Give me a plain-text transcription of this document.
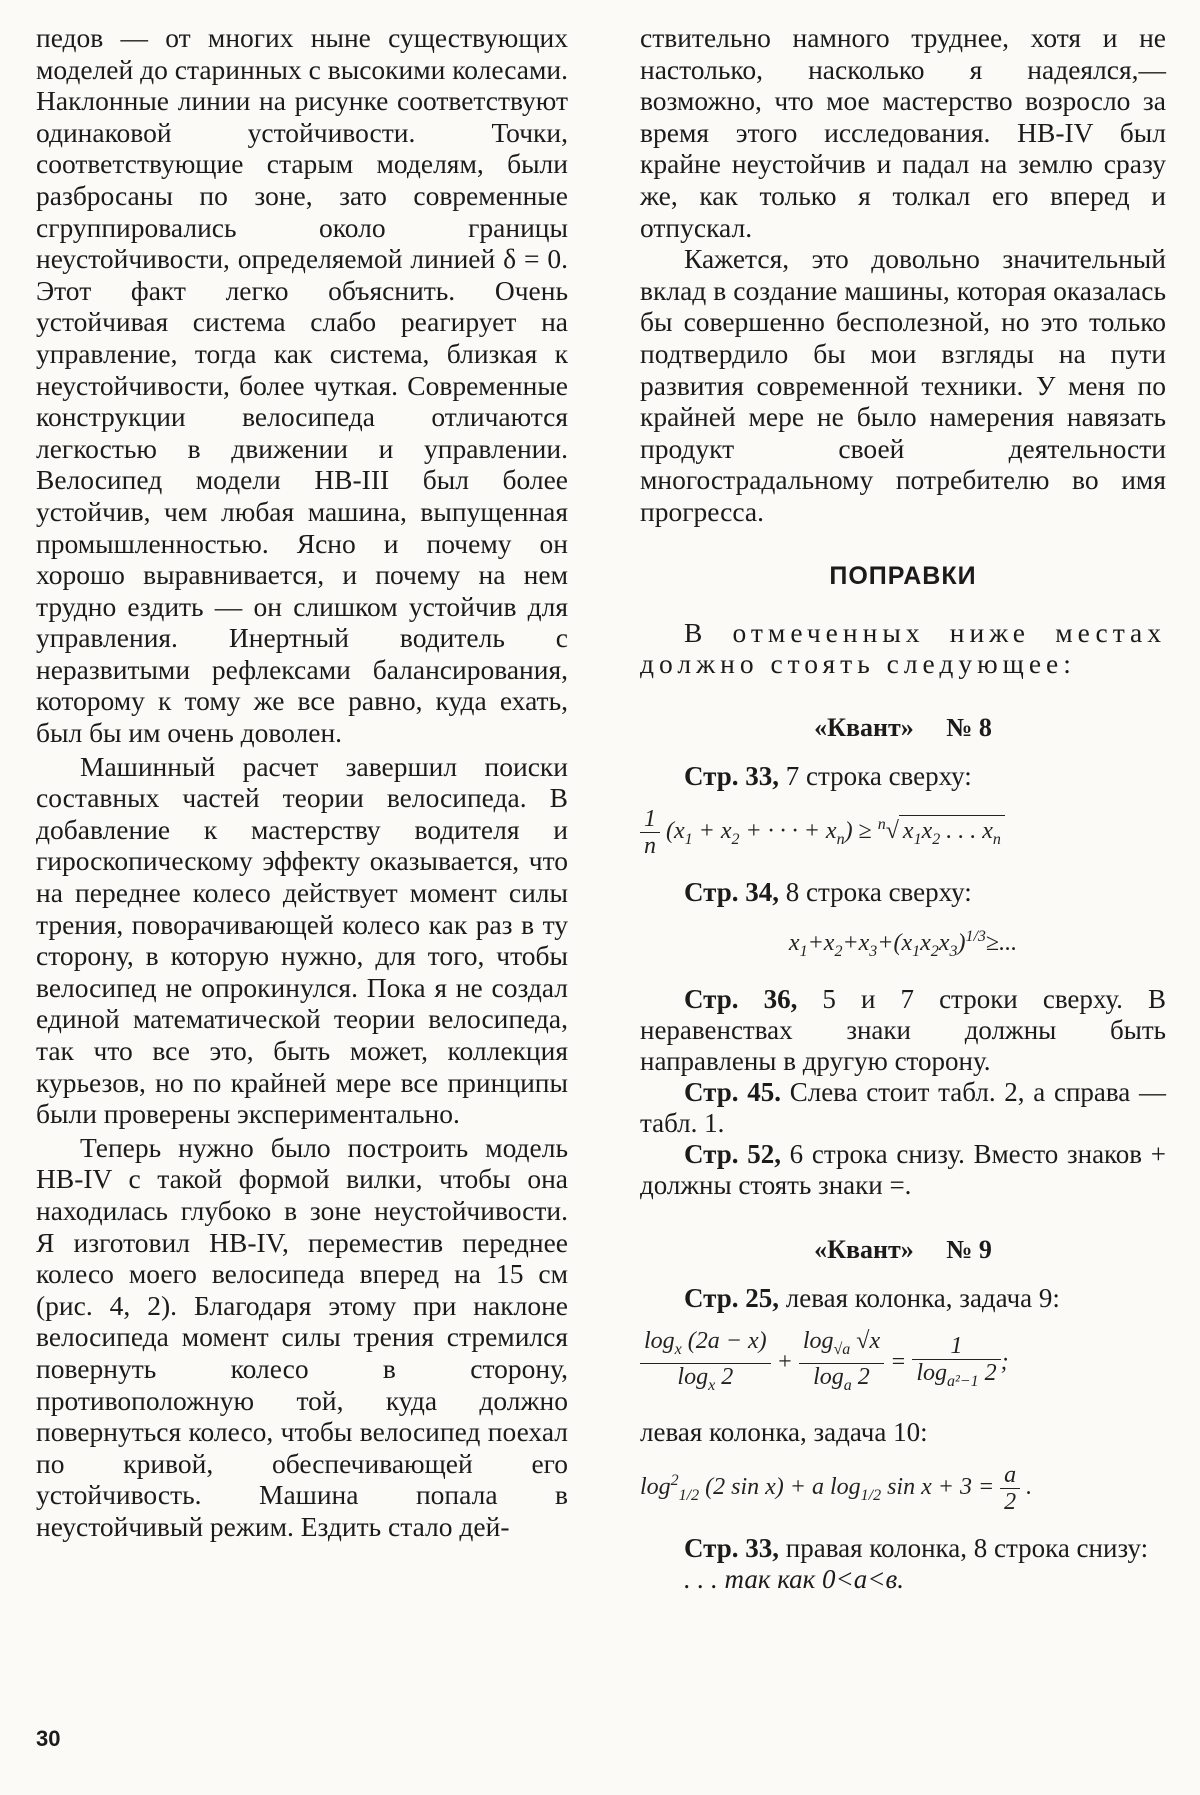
педов — от многих ныне существующих моделей до старинных с высокими колесами. Наклонные линии на рисунке соответствуют одинаковой устойчивости. Точки, соответствующие старым моделям, были разбросаны по зоне, зато современные сгруппировались около границы неустойчивости, определяемой линией δ = 0. Этот факт легко объяснить. Очень устойчивая система слабо реагирует на управление, тогда как система, близкая к неустойчивости, более чуткая. Современные конструкции велосипеда отличаются легкостью в движении и управлении. Велосипед модели НВ-III был более устойчив, чем любая машина, выпущенная промышленностью. Ясно и почему он хорошо выравнивается, и почему на нем трудно ездить — он слишком устойчив для управления. Инертный водитель с неразвитыми рефлексами балансирования, которому к тому же все равно, куда ехать, был бы им очень доволен.

Машинный расчет завершил поиски составных частей теории велосипеда. В добавление к мастерству водителя и гироскопическому эффекту оказывается, что на переднее колесо действует момент силы трения, поворачивающей колесо как раз в ту сторону, в которую нужно, для того, чтобы велосипед не опрокинулся. Пока я не создал единой математической теории велосипеда, так что все это, быть может, коллекция курьезов, но по крайней мере все принципы были проверены экспериментально.

Теперь нужно было построить модель НВ-IV с такой формой вилки, чтобы она находилась глубоко в зоне неустойчивости. Я изготовил НВ-IV, переместив переднее колесо моего велосипеда вперед на 15 см (рис. 4, 2). Благодаря этому при наклоне велосипеда момент силы трения стремился повернуть колесо в сторону, противоположную той, куда должно повернуться колесо, чтобы велосипед поехал по кривой, обеспечивающей его устойчивость. Машина попала в неустойчивый режим. Ездить стало дей-

ствительно намного труднее, хотя и не настолько, насколько я надеялся,— возможно, что мое мастерство возросло за время этого исследования. НВ-IV был крайне неустойчив и падал на землю сразу же, как только я толкал его вперед и отпускал.

Кажется, это довольно значительный вклад в создание машины, которая оказалась бы совершенно бесполезной, но это только подтвердило бы мои взгляды на пути развития современной техники. У меня по крайней мере не было намерения навязать продукт своей деятельности многострадальному потребителю во имя прогресса.

ПОПРАВКИ

В отмеченных ниже местах должно стоять следующее:

«Квант» № 8

Стр. 33, 7 строка сверху:

$\frac{1}{n} (x_1 + x_2$ + · · · + $x_n) \ge ^n√$ $x_1x_2$ . . . $x_n$

Стр. 34, 8 строка сверху:

$x_1+x_2+x_3+(x_1x_2x_3)^{1/3}\ge$...

Стр. 36, 5 и 7 строки сверху. В неравенствах знаки должны быть направлены в другую сторону.

Стр. 45. Слева стоит табл. 2, а справа — табл. 1.

Стр. 52, 6 строка снизу. Вместо знаков + должны стоять знаки =.

«Квант» № 9

Стр. 25, левая колонка, задача 9:

$\frac{\log_x (2a - x)}{\log_x 2} + \frac{\log_{√a} √x}{\log_a 2} = \frac{1}{\log_{a^2-1} 2}$ ;

левая колонка, задача 10:

$\log^2_{1/2} (2$ sin x) + a $\log_{1/2} \sin x + 3 = \frac{a}{2}$ .

Стр. 33, правая колонка, 8 строка снизу:

. . . так как 0<a<в.

30
